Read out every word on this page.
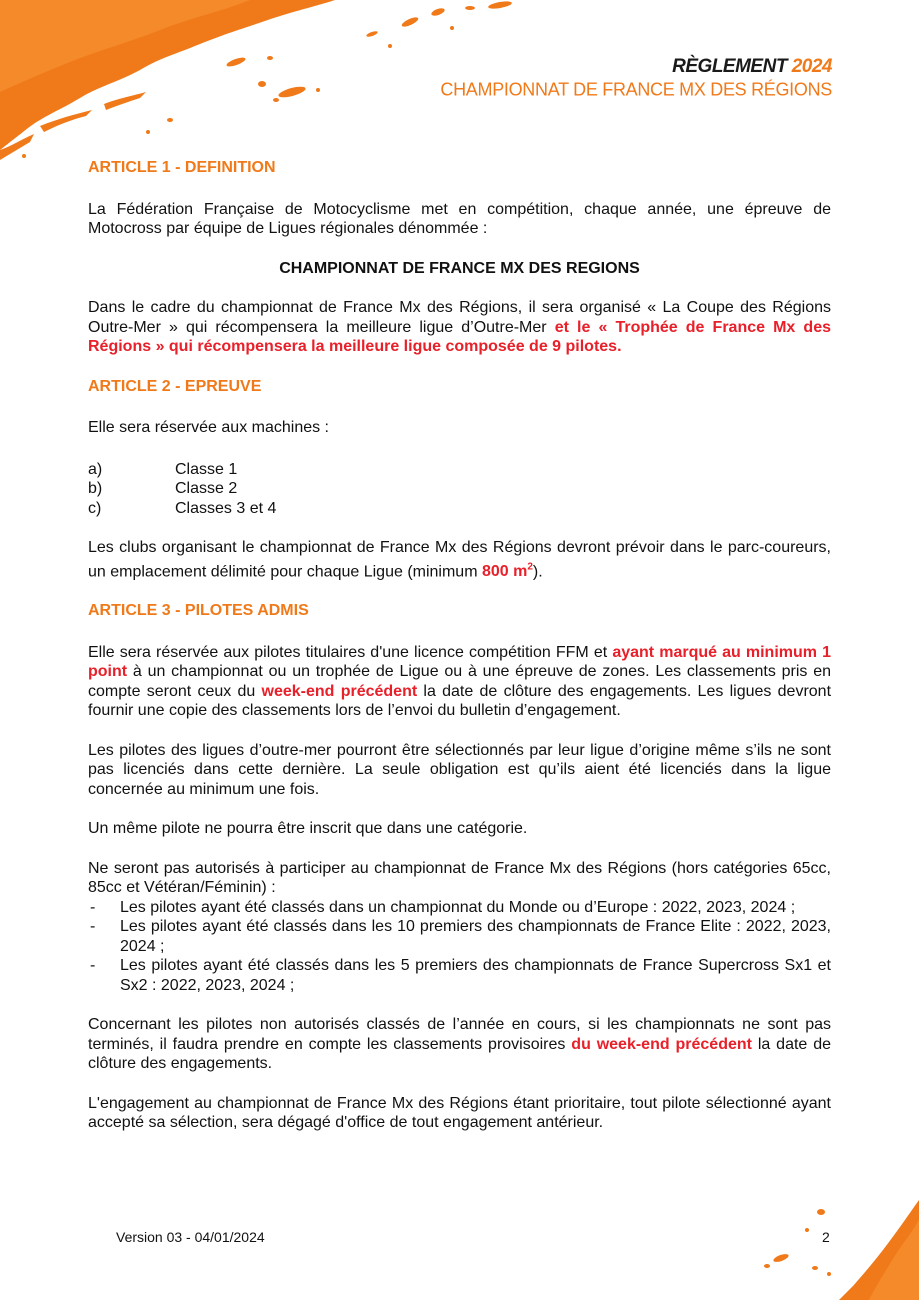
RÈGLEMENT 2024
CHAMPIONNAT DE FRANCE MX DES RÉGIONS
ARTICLE 1 - DEFINITION

La Fédération Française de Motocyclisme met en compétition, chaque année, une épreuve de Motocross par équipe de Ligues régionales dénommée :

CHAMPIONNAT DE FRANCE MX DES REGIONS

Dans le cadre du championnat de France Mx des Régions, il sera organisé « La Coupe des Régions Outre-Mer » qui récompensera la meilleure ligue d’Outre-Mer et le « Trophée de France Mx des Régions » qui récompensera la meilleure ligue composée de 9 pilotes.

ARTICLE 2 - EPREUVE

Elle sera réservée aux machines :

a)	Classe 1
b)	Classe 2
c)	Classes 3 et 4

Les clubs organisant le championnat de France Mx des Régions devront prévoir dans le parc-coureurs, un emplacement délimité pour chaque Ligue (minimum 800 $m^2$).

ARTICLE 3 - PILOTES ADMIS

Elle sera réservée aux pilotes titulaires d'une licence compétition FFM et ayant marqué au minimum 1 point à un championnat ou un trophée de Ligue ou à une épreuve de zones. Les classements pris en compte seront ceux du week-end précédent la date de clôture des engagements. Les ligues devront fournir une copie des classements lors de l’envoi du bulletin d’engagement.

Les pilotes des ligues d’outre-mer pourront être sélectionnés par leur ligue d’origine même s’ils ne sont pas licenciés dans cette dernière. La seule obligation est qu’ils aient été licenciés dans la ligue concernée au minimum une fois.

Un même pilote ne pourra être inscrit que dans une catégorie.

Ne seront pas autorisés à participer au championnat de France Mx des Régions (hors catégories 65cc, 85cc et Vétéran/Féminin) :

-	Les pilotes ayant été classés dans un championnat du Monde ou d’Europe : 2022, 2023, 2024 ;
-	Les pilotes ayant été classés dans les 10 premiers des championnats de France Elite : 2022, 2023, 2024 ;
-	Les pilotes ayant été classés dans les 5 premiers des championnats de France Supercross Sx1 et Sx2 : 2022, 2023, 2024 ;

Concernant les pilotes non autorisés classés de l’année en cours, si les championnats ne sont pas terminés, il faudra prendre en compte les classements provisoires du week-end précédent la date de clôture des engagements.

L'engagement au championnat de France Mx des Régions étant prioritaire, tout pilote sélectionné ayant accepté sa sélection, sera dégagé d'office de tout engagement antérieur.

Version 03 - 04/01/2024	2
